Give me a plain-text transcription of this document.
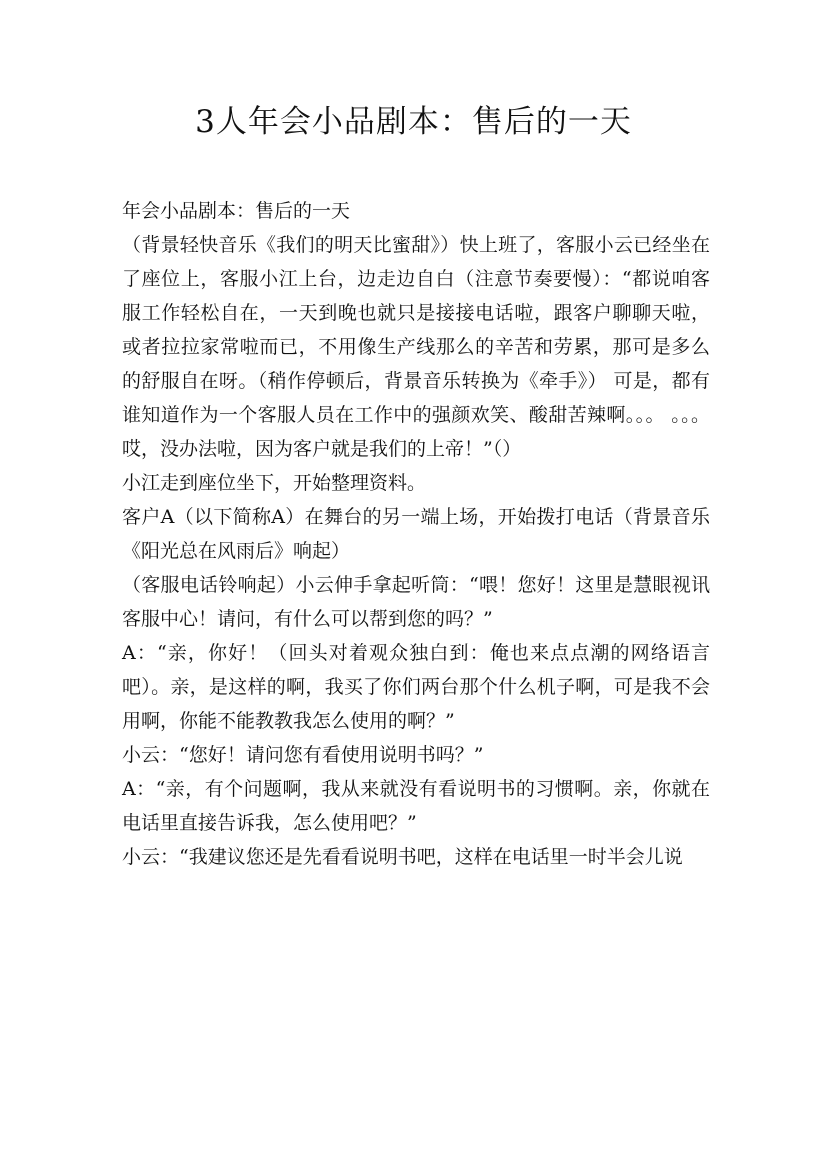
3人年会小品剧本：售后的一天

年会小品剧本：售后的一天

（背景轻快音乐《我们的明天比蜜甜》）快上班了，客服小云已经坐在了座位上，客服小江上台，边走边自白（注意节奏要慢）：“都说咱客服工作轻松自在，一天到晚也就只是接接电话啦，跟客户聊聊天啦，或者拉拉家常啦而已，不用像生产线那么的辛苦和劳累，那可是多么的舒服自在呀。（稍作停顿后，背景音乐转换为《牵手》） 可是，都有谁知道作为一个客服人员在工作中的强颜欢笑、酸甜苦辣啊。。。 。。。哎，没办法啦，因为客户就是我们的上帝！”（）

小江走到座位坐下，开始整理资料。

客户A（以下简称A）在舞台的另一端上场，开始拨打电话（背景音乐《阳光总在风雨后》响起）

（客服电话铃响起）小云伸手拿起听筒：“喂！您好！这里是慧眼视讯客服中心！请问，有什么可以帮到您的吗？”

A：“亲，你好！（回头对着观众独白到：俺也来点点潮的网络语言吧）。亲，是这样的啊，我买了你们两台那个什么机子啊，可是我不会用啊，你能不能教教我怎么使用的啊？”

小云：“您好！请问您有看使用说明书吗？”

A：“亲，有个问题啊，我从来就没有看说明书的习惯啊。亲，你就在电话里直接告诉我，怎么使用吧？”

小云：“我建议您还是先看看说明书吧，这样在电话里一时半会儿说
